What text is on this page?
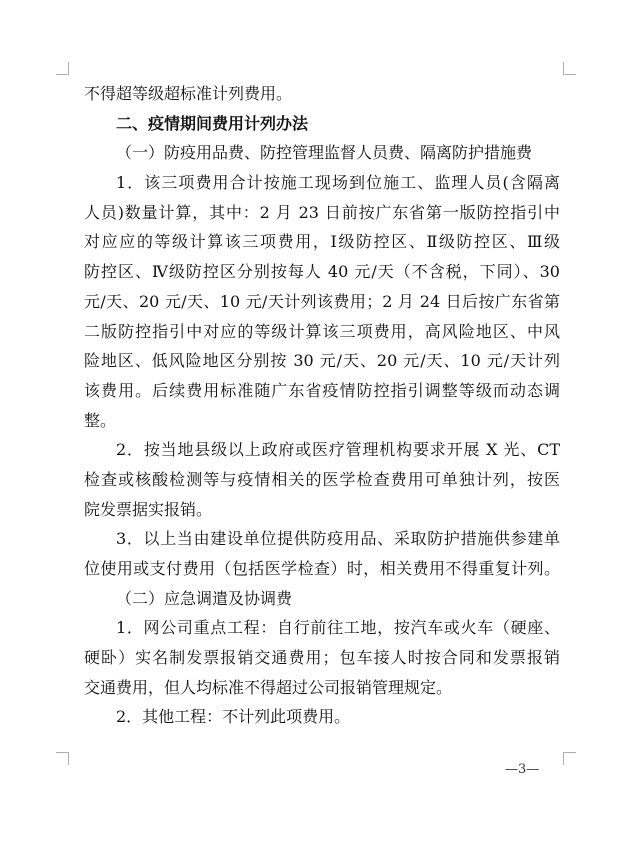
不得超等级超标准计列费用。
二、疫情期间费用计列办法
（一）防疫用品费、防控管理监督人员费、隔离防护措施费
1．该三项费用合计按施工现场到位施工、监理人员(含隔离
人员)数量计算，其中：2 月 23 日前按广东省第一版防控指引中
对应应的等级计算该三项费用，Ⅰ级防控区、Ⅱ级防控区、Ⅲ级
防控区、Ⅳ级防控区分别按每人 40 元/天（不含税，下同）、30
元/天、20 元/天、10 元/天计列该费用；2 月 24 日后按广东省第
二版防控指引中对应的等级计算该三项费用，高风险地区、中风
险地区、低风险地区分别按 30 元/天、20 元/天、10 元/天计列
该费用。后续费用标准随广东省疫情防控指引调整等级而动态调
整。
2．按当地县级以上政府或医疗管理机构要求开展 X 光、CT
检查或核酸检测等与疫情相关的医学检查费用可单独计列，按医
院发票据实报销。
3．以上当由建设单位提供防疫用品、采取防护措施供参建单
位使用或支付费用（包括医学检查）时，相关费用不得重复计列。
（二）应急调遣及协调费
1．网公司重点工程：自行前往工地，按汽车或火车（硬座、
硬卧）实名制发票报销交通费用；包车接人时按合同和发票报销
交通费用，但人均标准不得超过公司报销管理规定。
2．其他工程：不计列此项费用。
—3—
